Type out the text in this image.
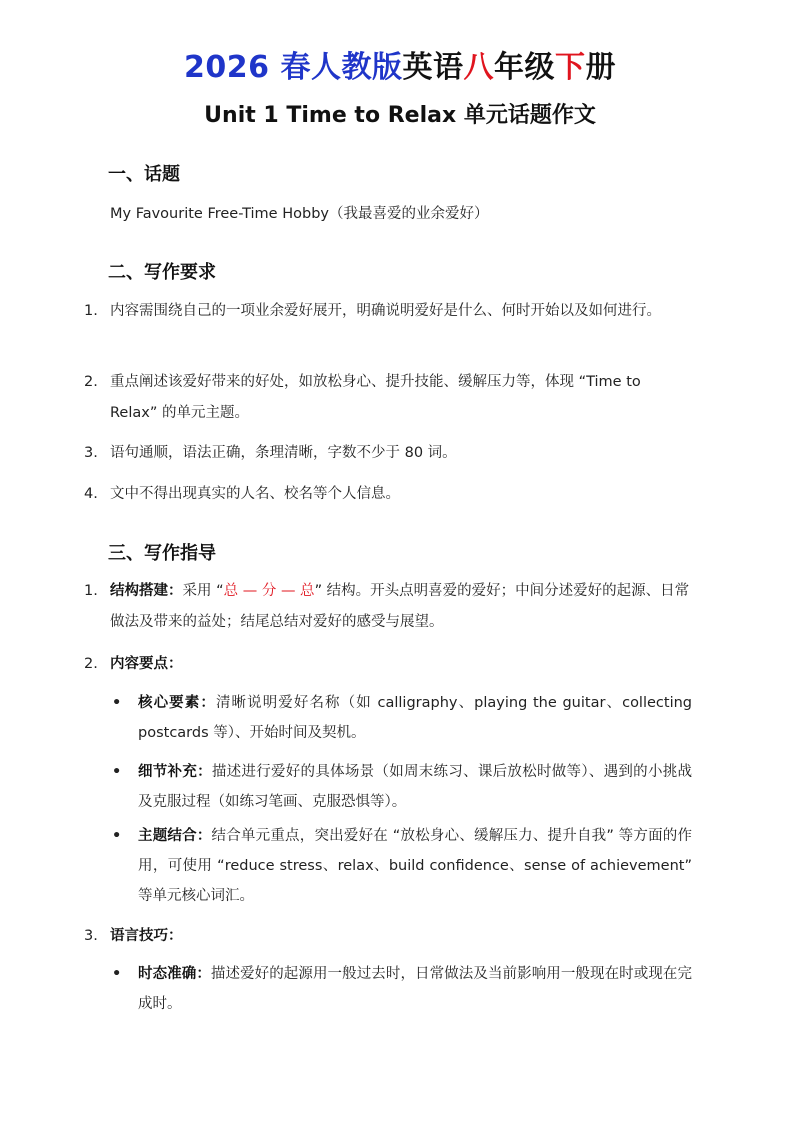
2026 春人教版英语八年级下册
Unit 1 Time to Relax 单元话题作文
一、话题
My Favourite Free-Time Hobby（我最喜爱的业余爱好）
二、写作要求
1. 内容需围绕自己的一项业余爱好展开，明确说明爱好是什么、何时开始以及如何进行。
2. 重点阐述该爱好带来的好处，如放松身心、提升技能、缓解压力等，体现 “Time to Relax” 的单元主题。
3. 语句通顺，语法正确，条理清晰，字数不少于 80 词。
4. 文中不得出现真实的人名、校名等个人信息。
三、写作指导
1. 结构搭建：采用 “总 — 分 — 总” 结构。开头点明喜爱的爱好；中间分述爱好的起源、日常做法及带来的益处；结尾总结对爱好的感受与展望。
2. 内容要点：
• 核心要素：清晰说明爱好名称（如 calligraphy、playing the guitar、collecting postcards 等）、开始时间及契机。
• 细节补充：描述进行爱好的具体场景（如周末练习、课后放松时做等）、遇到的小挑战及克服过程（如练习笔画、克服恐惧等）。
• 主题结合：结合单元重点，突出爱好在 “放松身心、缓解压力、提升自我” 等方面的作用，可使用 “reduce stress、relax、build confidence、sense of achievement” 等单元核心词汇。
3. 语言技巧：
• 时态准确：描述爱好的起源用一般过去时，日常做法及当前影响用一般现在时或现在完成时。
